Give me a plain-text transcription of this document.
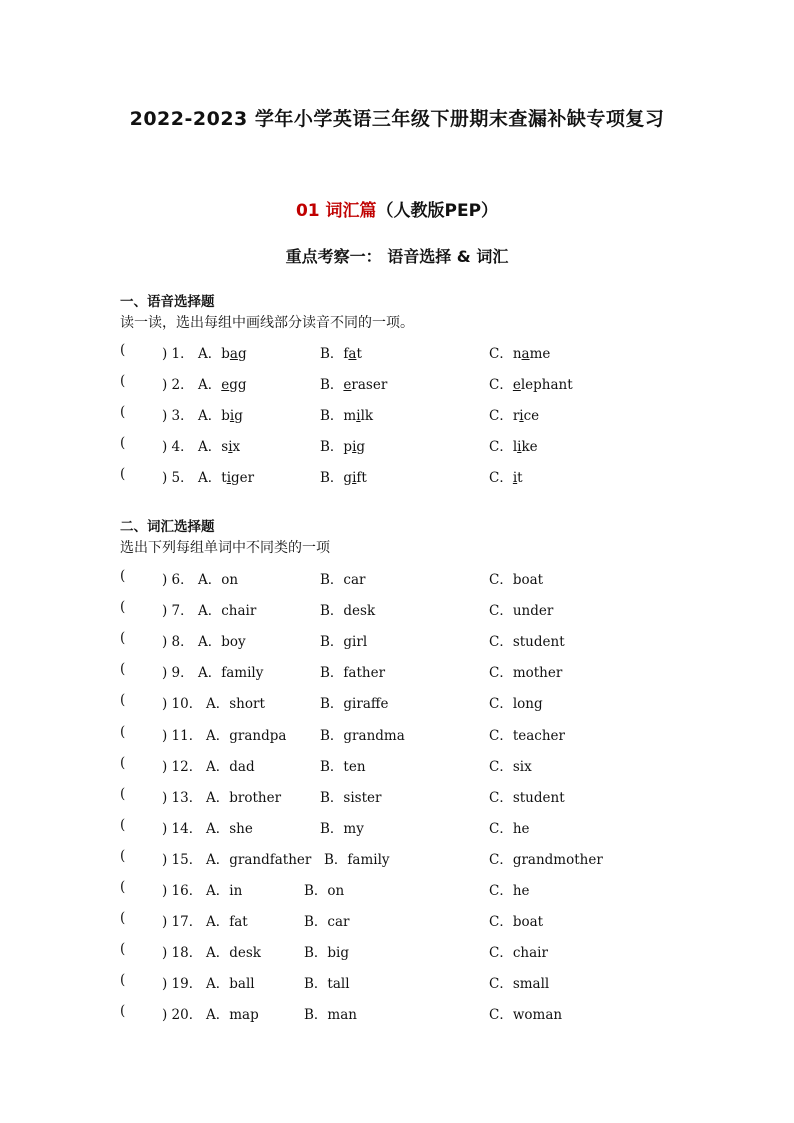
2022-2023 学年小学英语三年级下册期末查漏补缺专项复习
01 词汇篇（人教版PEP）
重点考察一： 语音选择 & 词汇
一、语音选择题
读一读，选出每组中画线部分读音不同的一项。
(	) 1． A．bag	B．fat	C．name
(	) 2． A．egg	B．eraser	C．elephant
(	) 3． A．big	B．milk	C．rice
(	) 4． A．six	B．pig	C．like
(	) 5． A．tiger	B．gift	C．it
二、词汇选择题
选出下列每组单词中不同类的一项
(	) 6． A．on	B．car	C．boat
(	) 7． A．chair	B．desk	C．under
(	) 8． A．boy	B．girl	C．student
(	) 9． A．family	B．father	C．mother
(	) 10． A．short	B．giraffe	C．long
(	) 11． A．grandpa B．grandma	C．teacher
(	) 12． A．dad	B．ten	C．six
(	) 13． A．brother	B．sister	C．student
(	) 14． A．she	B．my	C．he
(	) 15． A．grandfather B．family	C．grandmother
(	) 16． A．in	B．on	C．he
(	) 17． A．fat	B．car	C．boat
(	) 18． A．desk	B．big	C．chair
(	) 19． A．ball	B．tall	C．small
(	) 20． A．map	B．man	C．woman
